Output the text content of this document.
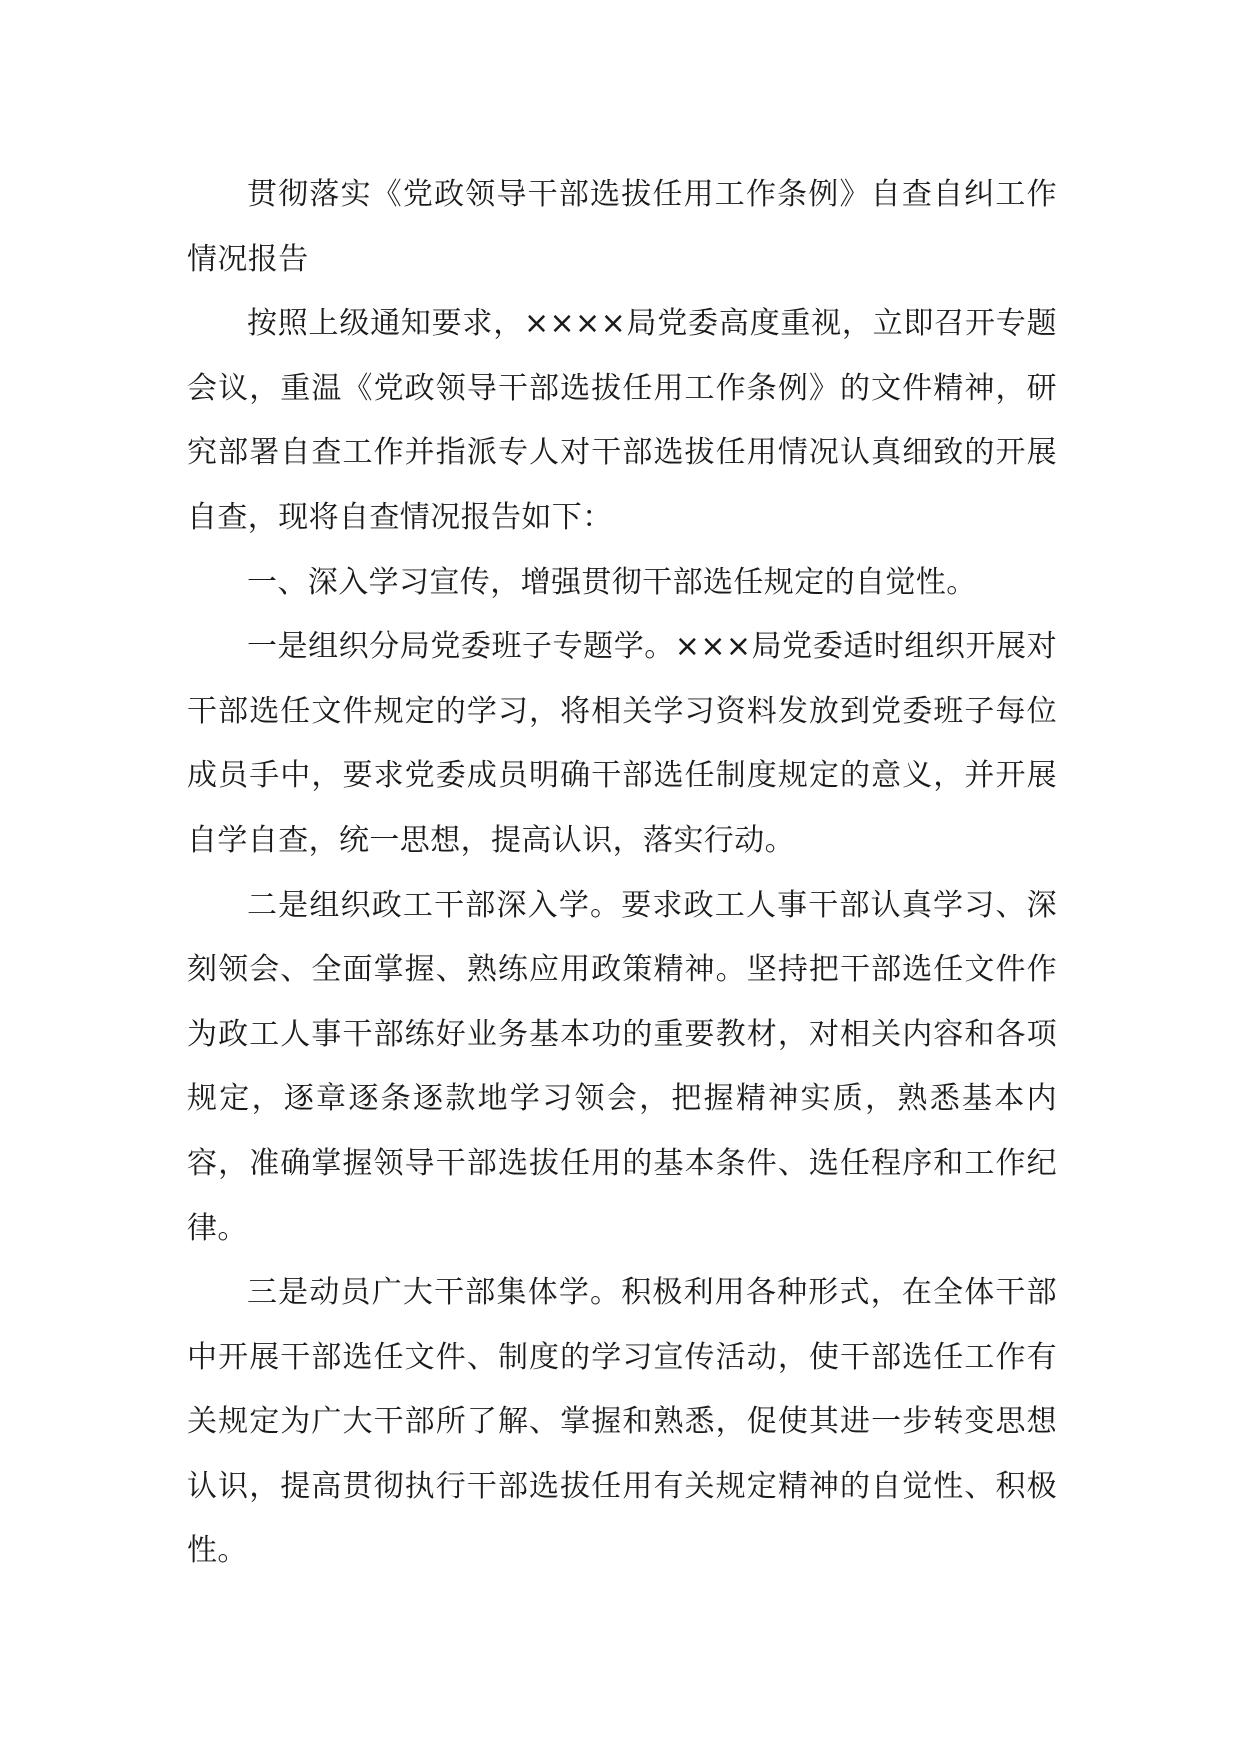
贯彻落实《党政领导干部选拔任用工作条例》自查自纠工作情况报告

按照上级通知要求，××××局党委高度重视，立即召开专题会议，重温《党政领导干部选拔任用工作条例》的文件精神，研究部署自查工作并指派专人对干部选拔任用情况认真细致的开展自查，现将自查情况报告如下：

一、深入学习宣传，增强贯彻干部选任规定的自觉性。

一是组织分局党委班子专题学。×××局党委适时组织开展对干部选任文件规定的学习，将相关学习资料发放到党委班子每位成员手中，要求党委成员明确干部选任制度规定的意义，并开展自学自查，统一思想，提高认识，落实行动。

二是组织政工干部深入学。要求政工人事干部认真学习、深刻领会、全面掌握、熟练应用政策精神。坚持把干部选任文件作为政工人事干部练好业务基本功的重要教材，对相关内容和各项规定，逐章逐条逐款地学习领会，把握精神实质，熟悉基本内容，准确掌握领导干部选拔任用的基本条件、选任程序和工作纪律。

三是动员广大干部集体学。积极利用各种形式，在全体干部中开展干部选任文件、制度的学习宣传活动，使干部选任工作有关规定为广大干部所了解、掌握和熟悉，促使其进一步转变思想认识，提高贯彻执行干部选拔任用有关规定精神的自觉性、积极性。
